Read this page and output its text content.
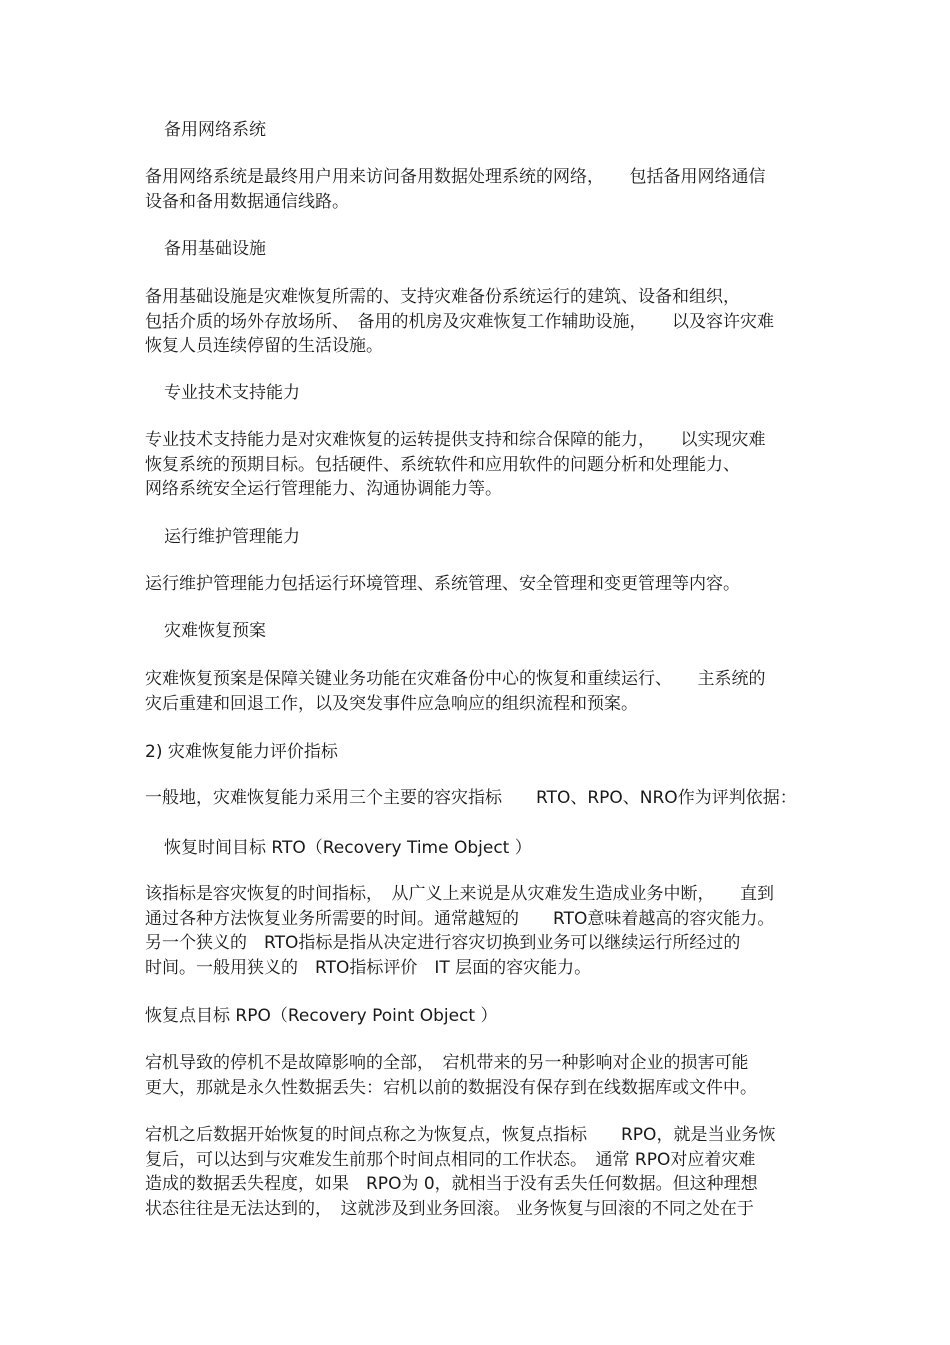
备用网络系统
备用网络系统是最终用户用来访问备用数据处理系统的网络，　　包括备用网络通信
设备和备用数据通信线路。
备用基础设施
备用基础设施是灾难恢复所需的、支持灾难备份系统运行的建筑、设备和组织，
包括介质的场外存放场所、　备用的机房及灾难恢复工作辅助设施，　　以及容许灾难
恢复人员连续停留的生活设施。
专业技术支持能力
专业技术支持能力是对灾难恢复的运转提供支持和综合保障的能力，　　以实现灾难
恢复系统的预期目标。包括硬件、系统软件和应用软件的问题分析和处理能力、
网络系统安全运行管理能力、沟通协调能力等。
运行维护管理能力
运行维护管理能力包括运行环境管理、系统管理、安全管理和变更管理等内容。
灾难恢复预案
灾难恢复预案是保障关键业务功能在灾难备份中心的恢复和重续运行、　　主系统的
灾后重建和回退工作，以及突发事件应急响应的组织流程和预案。
2) 灾难恢复能力评价指标
一般地，灾难恢复能力采用三个主要的容灾指标　　RTO、RPO、NRO作为评判依据：
恢复时间目标 RTO（Recovery Time Object ）
该指标是容灾恢复的时间指标，　从广义上来说是从灾难发生造成业务中断，　　直到
通过各种方法恢复业务所需要的时间。通常越短的　　RTO意味着越高的容灾能力。
另一个狭义的　RTO指标是指从决定进行容灾切换到业务可以继续运行所经过的
时间。一般用狭义的　RTO指标评价　IT 层面的容灾能力。
恢复点目标 RPO（Recovery Point Object ）
宕机导致的停机不是故障影响的全部，　宕机带来的另一种影响对企业的损害可能
更大，那就是永久性数据丢失：宕机以前的数据没有保存到在线数据库或文件中。
宕机之后数据开始恢复的时间点称之为恢复点，恢复点指标　　RPO，就是当业务恢
复后，可以达到与灾难发生前那个时间点相同的工作状态。　通常 RPO对应着灾难
造成的数据丢失程度，如果　RPO为 0，就相当于没有丢失任何数据。但这种理想
状态往往是无法达到的，　这就涉及到业务回滚。 业务恢复与回滚的不同之处在于
